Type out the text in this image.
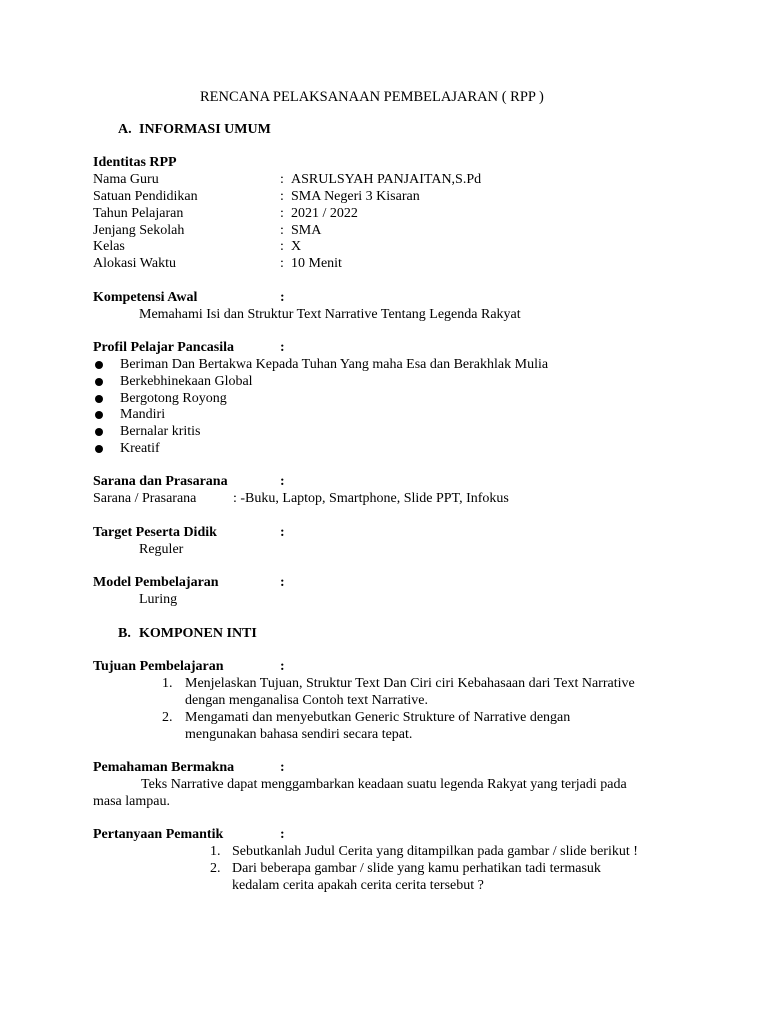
RENCANA PELAKSANAAN PEMBELAJARAN ( RPP )
A. INFORMASI UMUM
Identitas RPP
Nama Guru	: ASRULSYAH PANJAITAN,S.Pd
Satuan Pendidikan	: SMA Negeri 3 Kisaran
Tahun Pelajaran	: 2021 / 2022
Jenjang Sekolah	: SMA
Kelas	: X
Alokasi Waktu	: 10 Menit
Kompetensi Awal	:
Memahami Isi dan Struktur Text Narrative Tentang Legenda Rakyat
Profil Pelajar Pancasila	:
Beriman Dan Bertakwa Kepada Tuhan Yang maha Esa dan Berakhlak Mulia
Berkebhinekaan Global
Bergotong Royong
Mandiri
Bernalar kritis
Kreatif
Sarana dan Prasarana	:
Sarana / Prasarana	: -Buku, Laptop, Smartphone, Slide PPT, Infokus
Target Peserta Didik	:
Reguler
Model Pembelajaran	:
Luring
B. KOMPONEN INTI
Tujuan Pembelajaran	:
1. Menjelaskan Tujuan, Struktur Text Dan Ciri ciri Kebahasaan dari Text Narrative
dengan menganalisa Contoh text Narrative.
2. Mengamati dan menyebutkan Generic Strukture of Narrative dengan
mengunakan bahasa sendiri secara tepat.
Pemahaman Bermakna	:
Teks Narrative dapat menggambarkan keadaan suatu legenda Rakyat yang terjadi pada
masa lampau.
Pertanyaan Pemantik	:
1. Sebutkanlah Judul Cerita yang ditampilkan pada gambar / slide berikut !
2. Dari beberapa gambar / slide yang kamu perhatikan tadi termasuk
kedalam cerita apakah cerita cerita tersebut ?
